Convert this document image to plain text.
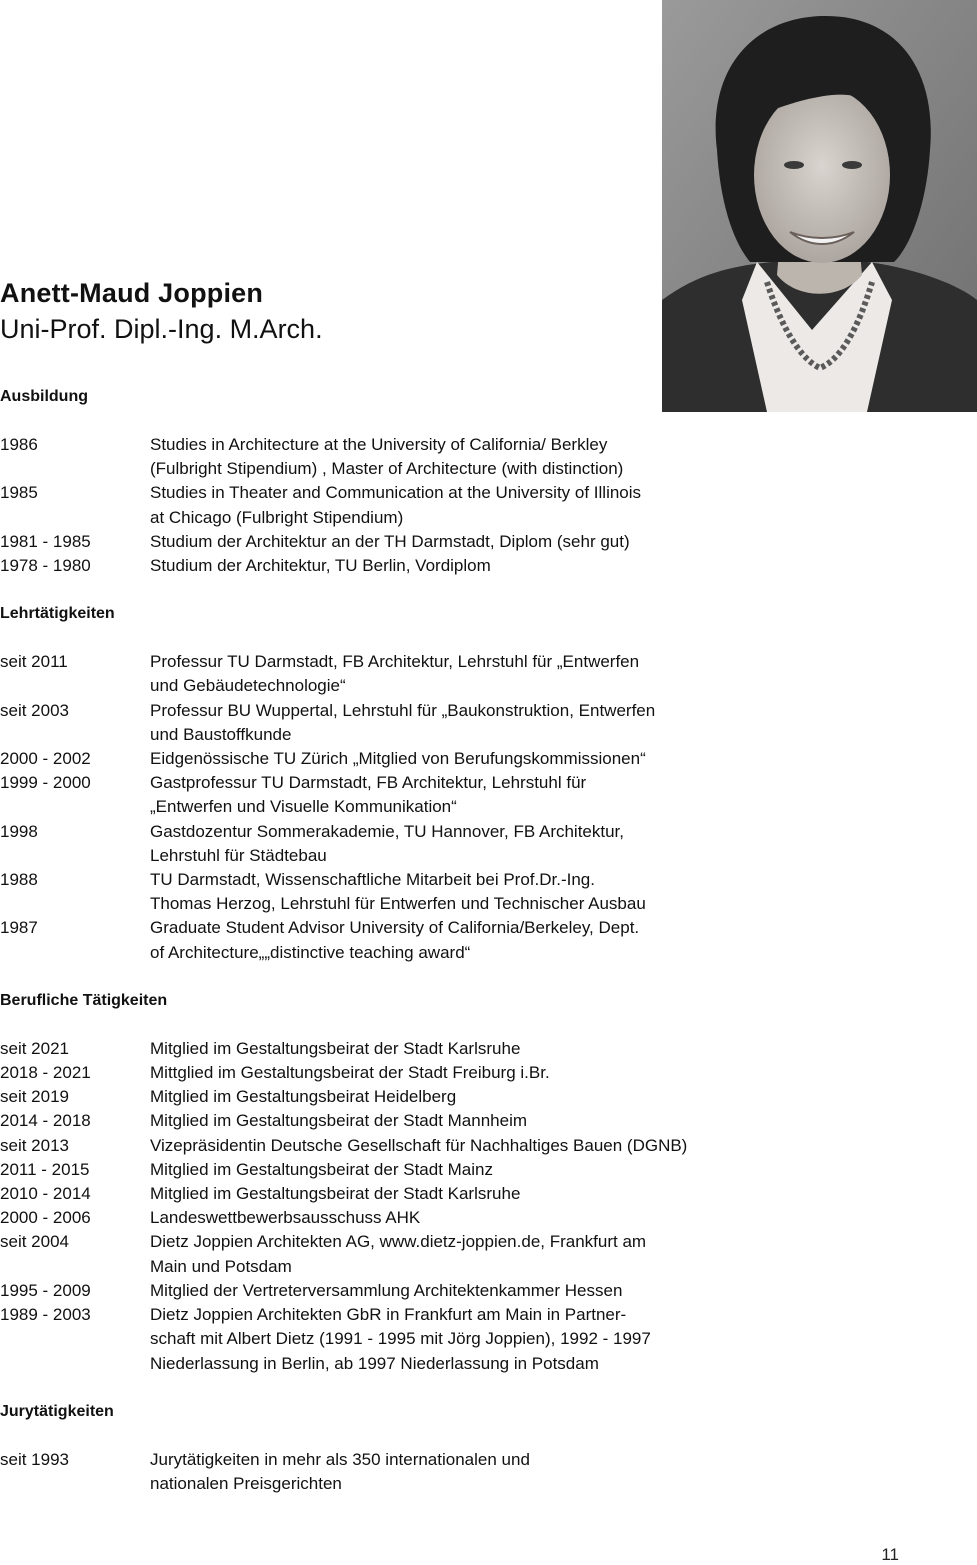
Anett-Maud Joppien
Uni-Prof. Dipl.-Ing. M.Arch.
Ausbildung
1986	Studies in Architecture at the University of California/ Berkley
(Fulbright Stipendium) , Master of Architecture (with distinction)
1985	Studies in Theater and Communication at the University of Illinois
at Chicago (Fulbright Stipendium)
1981 - 1985	Studium der Architektur an der TH Darmstadt, Diplom (sehr gut)
1978 - 1980	Studium der Architektur, TU Berlin, Vordiplom
Lehrtätigkeiten
seit 2011	Professur TU Darmstadt, FB Architektur, Lehrstuhl für „Entwerfen
und Gebäudetechnologie“
seit 2003	Professur BU Wuppertal, Lehrstuhl für „Baukonstruktion, Entwerfen
und Baustoffkunde
2000 - 2002	Eidgenössische TU Zürich „Mitglied von Berufungskommissionen“
1999 - 2000	Gastprofessur TU Darmstadt, FB Architektur, Lehrstuhl für
„Entwerfen und Visuelle Kommunikation“
1998	Gastdozentur Sommerakademie, TU Hannover, FB Architektur,
Lehrstuhl für Städtebau
1988	TU Darmstadt, Wissenschaftliche Mitarbeit bei Prof.Dr.-Ing.
Thomas Herzog, Lehrstuhl für Entwerfen und Technischer Ausbau
1987	Graduate Student Advisor University of California/Berkeley, Dept.
of Architecture„„distinctive teaching award“
Berufliche Tätigkeiten
seit 2021	Mitglied im Gestaltungsbeirat der Stadt Karlsruhe
2018 - 2021	Mittglied im Gestaltungsbeirat der Stadt Freiburg i.Br.
seit 2019	Mitglied im Gestaltungsbeirat Heidelberg
2014 - 2018	Mitglied im Gestaltungsbeirat der Stadt Mannheim
seit 2013	Vizepräsidentin Deutsche Gesellschaft für Nachhaltiges Bauen (DGNB)
2011 - 2015	Mitglied im Gestaltungsbeirat der Stadt Mainz
2010 - 2014	Mitglied im Gestaltungsbeirat der Stadt Karlsruhe
2000 - 2006	Landeswettbewerbsausschuss AHK
seit 2004	Dietz Joppien Architekten AG, www.dietz-joppien.de, Frankfurt am
Main und Potsdam
1995 - 2009	Mitglied der Vertreterversammlung Architektenkammer Hessen
1989 - 2003	Dietz Joppien Architekten GbR in Frankfurt am Main in Partner-
schaft mit Albert Dietz (1991 - 1995 mit Jörg Joppien), 1992 - 1997
Niederlassung in Berlin, ab 1997 Niederlassung in Potsdam
Jurytätigkeiten
seit 1993	Jurytätigkeiten in mehr als 350 internationalen und
nationalen Preisgerichten
11
